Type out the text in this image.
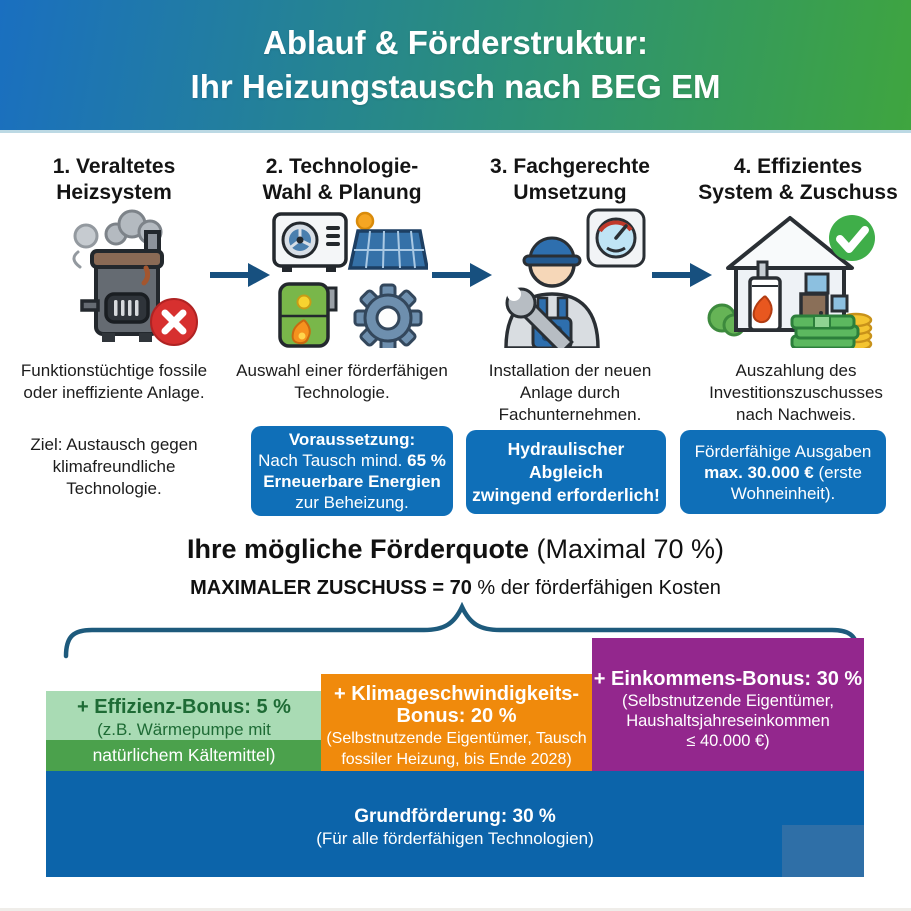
Ablauf & Förderstruktur:
Ihr Heizungstausch nach BEG EM
1. Veraltetes
Heizsystem
2. Technologie-
Wahl & Planung
3. Fachgerechte
Umsetzung
4. Effizientes
System & Zuschuss
Funktionstüchtige fossile oder ineffiziente Anlage.
Auswahl einer förderfähigen Technologie.
Installation der neuen Anlage durch Fachunternehmen.
Auszahlung des Investitionszuschusses nach Nachweis.
Ziel: Austausch gegen klimafreundliche Technologie.
Voraussetzung:
Nach Tausch mind. 65 %
Erneuerbare Energien
zur Beheizung.
Hydraulischer Abgleich
zwingend erforderlich!
Förderfähige Ausgaben
max. 30.000 € (erste
Wohneinheit).
Ihre mögliche Förderquote (Maximal 70 %)
MAXIMALER ZUSCHUSS = 70 % der förderfähigen Kosten
+ Effizienz-Bonus: 5 %
(z.B. Wärmepumpe mit
natürlichem Kältemittel)
+ Klimageschwindigkeits-
Bonus: 20 %
(Selbstnutzende Eigentümer, Tausch
fossiler Heizung, bis Ende 2028)
+ Einkommens-Bonus: 30 %
(Selbstnutzende Eigentümer,
Haushaltsjahreseinkommen
≤ 40.000 €)
Grundförderung: 30 %
(Für alle förderfähigen Technologien)
